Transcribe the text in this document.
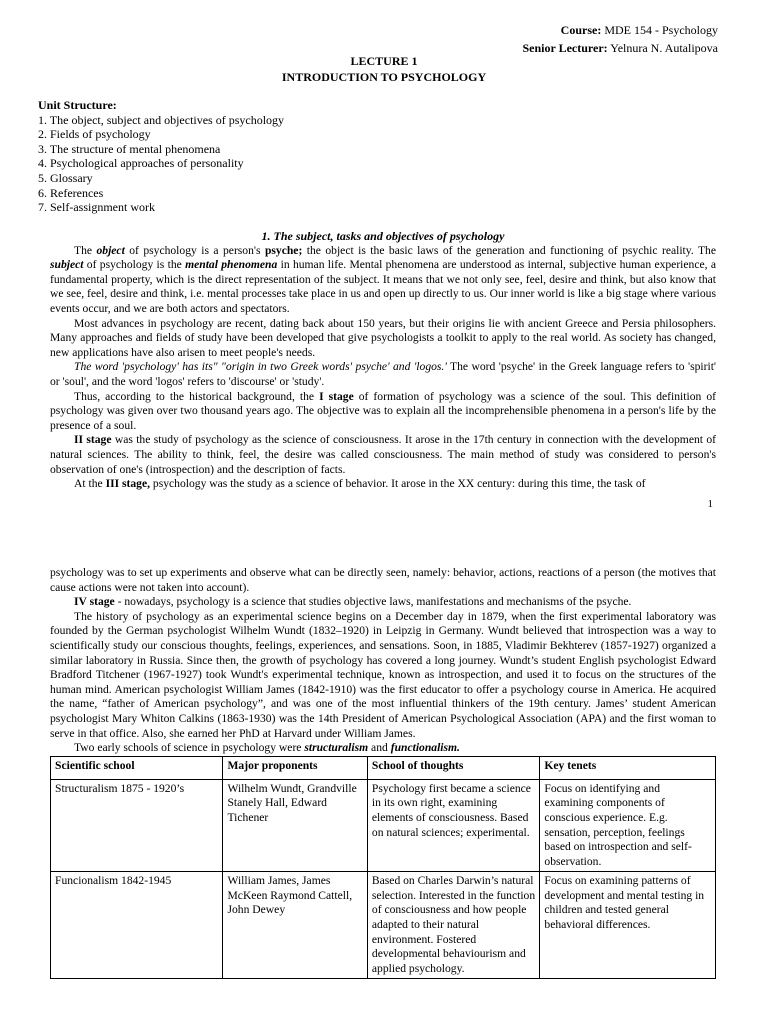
Course: MDE 154 - Psychology
Senior Lecturer: Yelnura N. Autalipova
LECTURE 1
INTRODUCTION TO PSYCHOLOGY
Unit Structure:
1. The object, subject and objectives of psychology
2. Fields of psychology
3. The structure of mental phenomena
4. Psychological approaches of personality
5. Glossary
6. References
7. Self-assignment work
1. The subject, tasks and objectives of psychology

The object of psychology is a person's psyche; the object is the basic laws of the generation and functioning of psychic reality. The subject of psychology is the mental phenomena in human life. Mental phenomena are understood as internal, subjective human experience, a fundamental property, which is the direct representation of the subject. It means that we not only see, feel, desire and think, but also know that we see, feel, desire and think, i.e. mental processes take place in us and open up directly to us. Our inner world is like a big stage where various events occur, and we are both actors and spectators.

Most advances in psychology are recent, dating back about 150 years, but their origins lie with ancient Greece and Persia philosophers. Many approaches and fields of study have been developed that give psychologists a toolkit to apply to the real world. As society has changed, new applications have also arisen to meet people's needs.

The word 'psychology' has its" "origin in two Greek words' psyche' and 'logos.' The word 'psyche' in the Greek language refers to 'spirit' or 'soul', and the word 'logos' refers to 'discourse' or 'study'.

Thus, according to the historical background, the I stage of formation of psychology was a science of the soul. This definition of psychology was given over two thousand years ago. The objective was to explain all the incomprehensible phenomena in a person's life by the presence of a soul.

II stage was the study of psychology as the science of consciousness. It arose in the 17th century in connection with the development of natural sciences. The ability to think, feel, the desire was called consciousness. The main method of study was considered to person's observation of one's (introspection) and the description of facts.

At the III stage, psychology was the study as a science of behavior. It arose in the XX century: during this time, the task of

1

psychology was to set up experiments and observe what can be directly seen, namely: behavior, actions, reactions of a person (the motives that cause actions were not taken into account).

IV stage - nowadays, psychology is a science that studies objective laws, manifestations and mechanisms of the psyche.

The history of psychology as an experimental science begins on a December day in 1879, when the first experimental laboratory was founded by the German psychologist Wilhelm Wundt (1832–1920) in Leipzig in Germany. Wundt believed that introspection was a way to scientifically study our conscious thoughts, feelings, experiences, and sensations. Soon, in 1885, Vladimir Bekhterev (1857-1927) organized a similar laboratory in Russia. Since then, the growth of psychology has covered a long journey. Wundt’s student English psychologist Edward Bradford Titchener (1967-1927) took Wundt's experimental technique, known as introspection, and used it to focus on the structures of the human mind. American psychologist William James (1842-1910) was the first educator to offer a psychology course in America. He acquired the name, “father of American psychology”, and was one of the most influential thinkers of the 19th century. James’ student American psychologist Mary Whiton Calkins (1863-1930) was the 14th President of American Psychological Association (APA) and the first woman to serve in that office. Also, she earned her PhD at Harvard under William James.

Two early schools of science in psychology were structuralism and functionalism.

Scientific school	Major proponents	School of thoughts	Key tenets
Structuralism 1875 - 1920’s	Wilhelm Wundt, Grandville Stanely Hall, Edward Tichener	Psychology first became a science in its own right, examining elements of consciousness. Based on natural sciences; experimental.	Focus on identifying and examining components of conscious experience. E.g. sensation, perception, feelings based on introspection and self-observation.
Funcionalism 1842-1945	William James, James McKeen Raymond Cattell, John Dewey	Based on Charles Darwin’s natural selection. Interested in the function of consciousness and how people adapted to their natural environment. Fostered developmental behaviourism and applied psychology.	Focus on examining patterns of development and mental testing in children and tested general behavioral differences.
